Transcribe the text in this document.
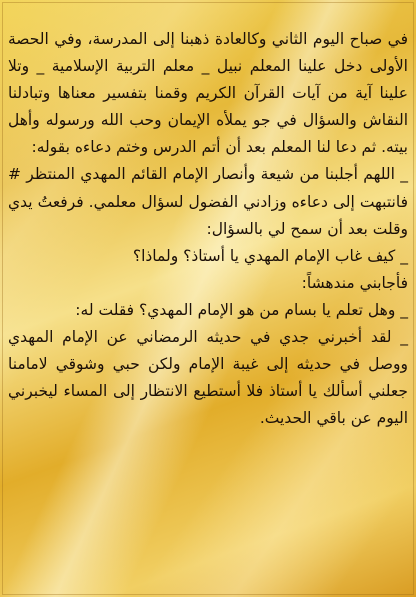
في صباح اليوم الثاني وكالعادة ذهبنا إلى المدرسة، وفي الحصة الأولى دخل علينا المعلم نبيل _ معلم التربية الإسلامية _ وتلا علينا آية من آيات القرآن الكريم وقمنا بتفسير معناها وتبادلنا النقاش والسؤال في جو يملأه الإيمان وحب الله ورسوله وأهل بيته. ثم دعا لنا المعلم بعد أن أتم الدرس وختم دعاءه بقوله:

_ اللهم أجلبنا من شيعة وأنصار الإمام القائم المهدي المنتظر # فانتبهت إلى دعاءه وزادني الفضول لسؤال معلمي. فرفعتُ يدي وقلت بعد أن سمح لي بالسؤال:

_ كيف غاب الإمام المهدي يا أستاذ؟ ولماذا؟

فأجابني مندهشاً:

_ وهل تعلم يا بسام من هو الإمام المهدي؟ فقلت له:

_ لقد أخبرني جدي في حديثه الرمضاني عن الإمام المهدي ووصل في حديثه إلى غيبة الإمام ولكن حبي وشوقي لامامنا جعلني أسألك يا أستاذ فلا أستطيع الانتظار إلى المساء ليخبرني اليوم عن باقي الحديث.
